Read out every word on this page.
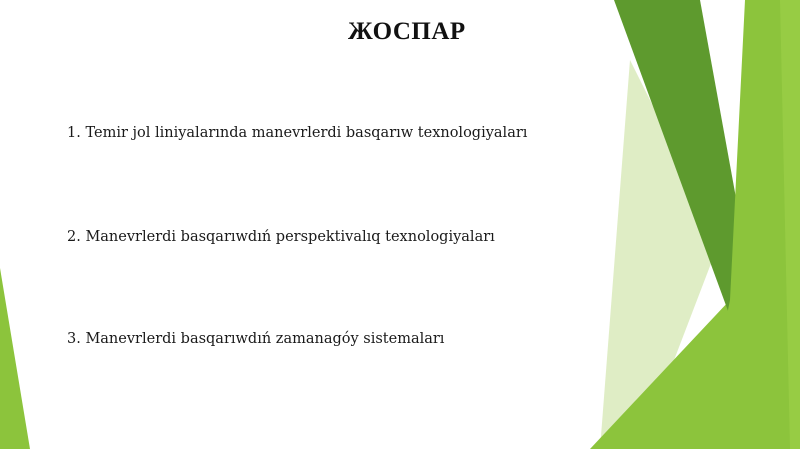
ЖОСПАР
1. Temir jol liniyalarında manevrlerdi basqarıw texnologiyaları
2. Manevrlerdi basqarıwdıń perspektivalıq texnologiyaları
3. Manevrlerdi basqarıwdıń zamanagóy sistemaları
